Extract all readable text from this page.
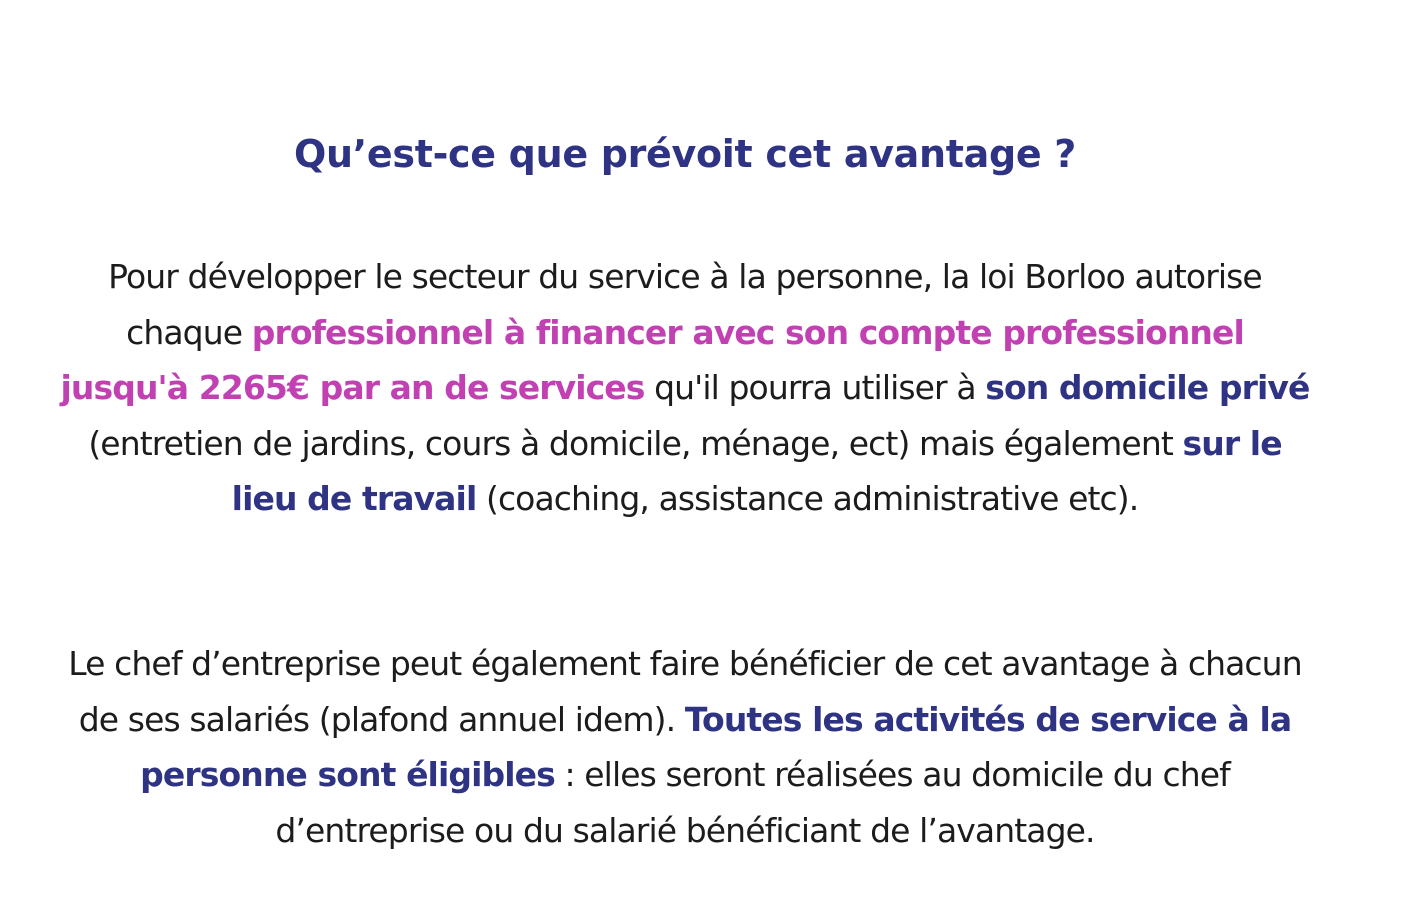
Qu’est-ce que prévoit cet avantage ?

Pour développer le secteur du service à la personne, la loi Borloo autorise chaque professionnel à financer avec son compte professionnel jusqu'à 2265€ par an de services qu'il pourra utiliser à son domicile privé (entretien de jardins, cours à domicile, ménage, ect) mais également sur le lieu de travail (coaching, assistance administrative etc).

Le chef d’entreprise peut également faire bénéficier de cet avantage à chacun de ses salariés (plafond annuel idem). Toutes les activités de service à la personne sont éligibles : elles seront réalisées au domicile du chef d’entreprise ou du salarié bénéficiant de l’avantage.
